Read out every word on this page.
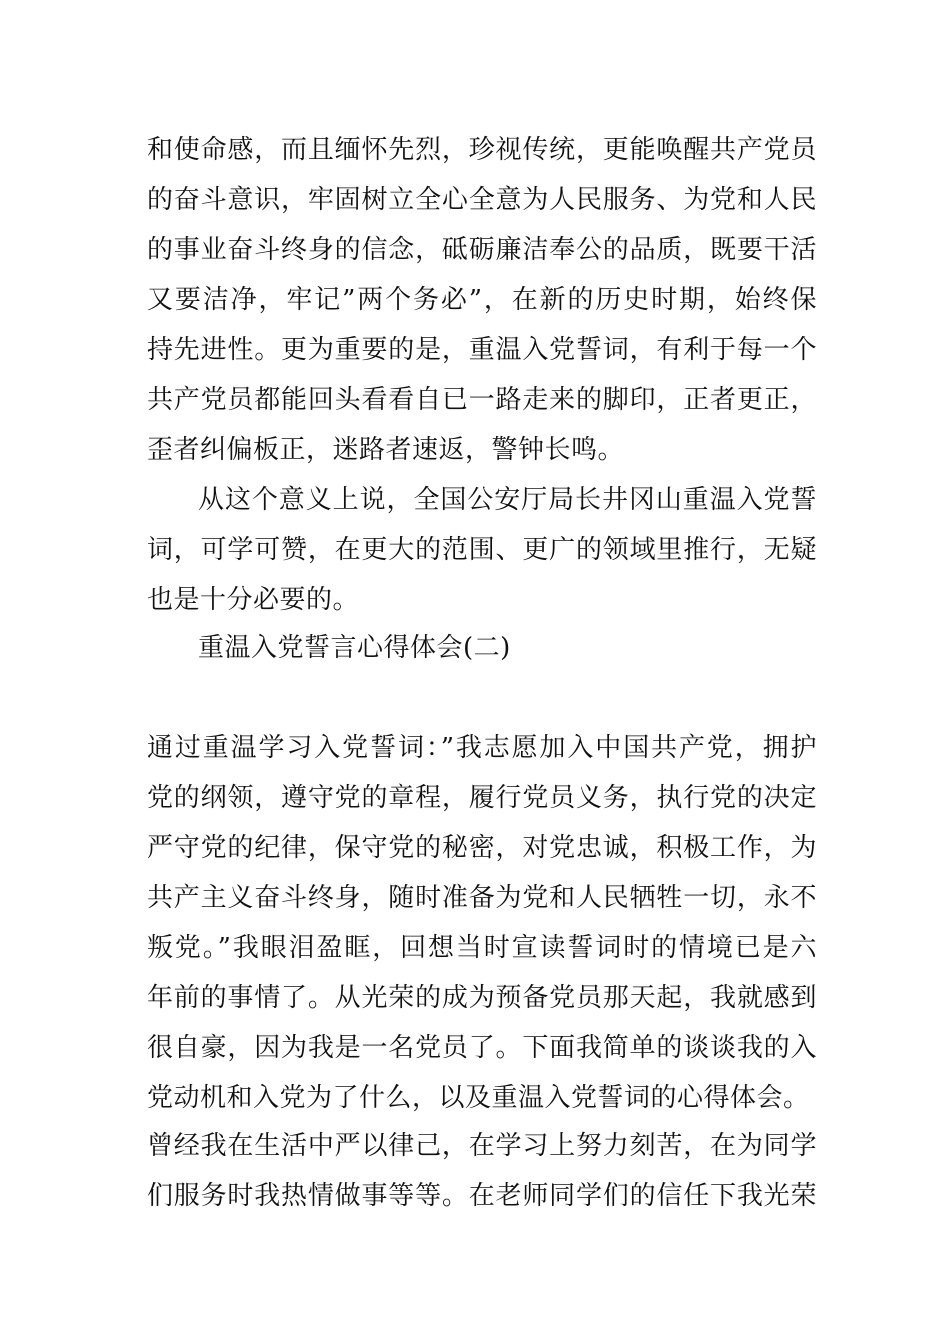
和使命感，而且缅怀先烈，珍视传统，更能唤醒共产党员
的奋斗意识，牢固树立全心全意为人民服务、为党和人民
的事业奋斗终身的信念，砥砺廉洁奉公的品质，既要干活
又要洁净，牢记”两个务必”，在新的历史时期，始终保
持先进性。更为重要的是，重温入党誓词，有利于每一个
共产党员都能回头看看自已一路走来的脚印，正者更正，
歪者纠偏板正，迷路者速返，警钟长鸣。
从这个意义上说，全国公安厅局长井冈山重温入党誓
词，可学可赞，在更大的范围、更广的领域里推行，无疑
也是十分必要的。
重温入党誓言心得体会(二)
通过重温学习入党誓词：”我志愿加入中国共产党，拥护
党的纲领，遵守党的章程，履行党员义务，执行党的决定
严守党的纪律，保守党的秘密，对党忠诚，积极工作，为
共产主义奋斗终身，随时准备为党和人民牺牲一切，永不
叛党。”我眼泪盈眶，回想当时宣读誓词时的情境已是六
年前的事情了。从光荣的成为预备党员那天起，我就感到
很自豪，因为我是一名党员了。下面我简单的谈谈我的入
党动机和入党为了什么，以及重温入党誓词的心得体会。
曾经我在生活中严以律己，在学习上努力刻苦，在为同学
们服务时我热情做事等等。在老师同学们的信任下我光荣
